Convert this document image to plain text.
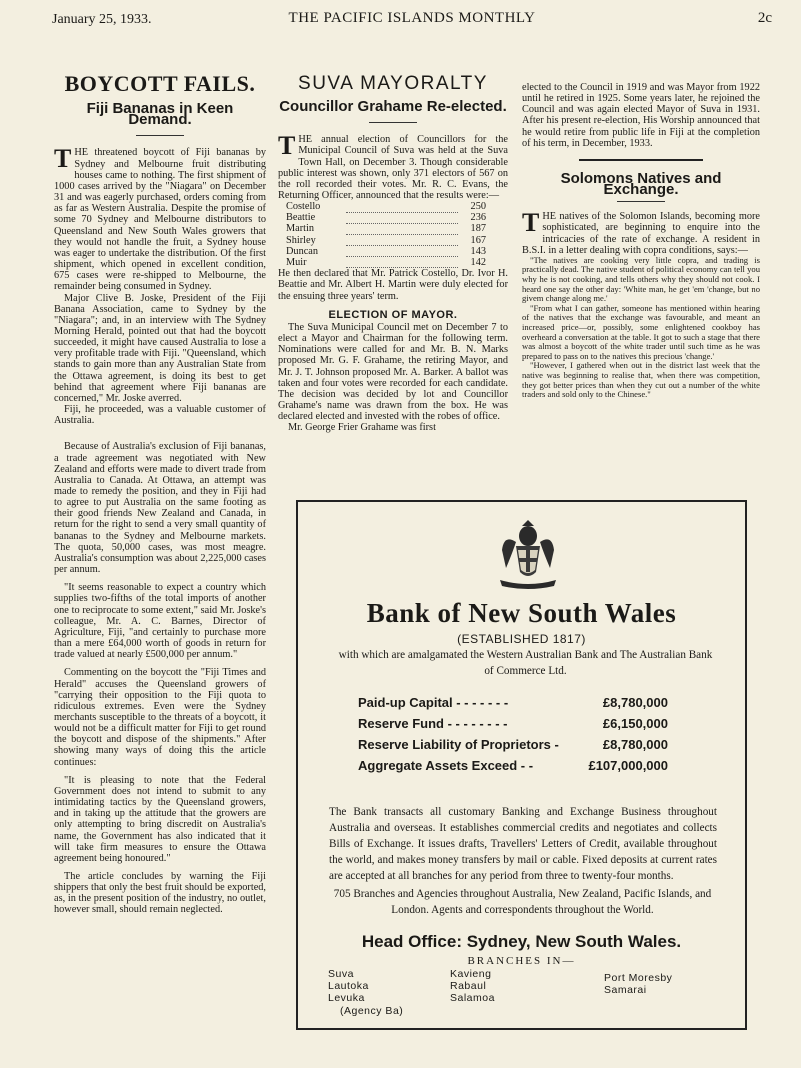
January 25, 1933.	THE PACIFIC ISLANDS MONTHLY	2c
BOYCOTT FAILS.
Fiji Bananas in Keen Demand.

THE threatened boycott of Fiji bananas by Sydney and Melbourne fruit distributing houses came to nothing. The first shipment of 1000 cases arrived by the "Niagara" on December 31 and was eagerly purchased, orders coming from as far as Western Australia. Despite the promise of some 70 Sydney and Melbourne distributors to Queensland and New South Wales growers that they would not handle the fruit, a Sydney house was eager to undertake the distribution. Of the first shipment, which opened in excellent condition, 675 cases were re-shipped to Melbourne, the remainder being consumed in Sydney.

Major Clive B. Joske, President of the Fiji Banana Association, came to Sydney by the "Niagara"; and, in an interview with The Sydney Morning Herald, pointed out that had the boycott succeeded, it might have caused Australia to lose a very profitable trade with Fiji. "Queensland, which stands to gain more than any Australian State from the Ottawa agreement, is doing its best to get behind that agreement where Fiji bananas are concerned," Mr. Joske averred.

Fiji, he proceeded, was a valuable customer of Australia.

Because of Australia's exclusion of Fiji bananas, a trade agreement was negotiated with New Zealand and efforts were made to divert trade from Australia to Canada. At Ottawa, an attempt was made to remedy the position, and they in Fiji had to agree to put Australia on the same footing as their good friends New Zealand and Canada, in return for the right to send a very small quantity of bananas to the Sydney and Melbourne markets. The quota, 50,000 cases, was most meagre. Australia's consumption was about 2,225,000 cases per annum.

"It seems reasonable to expect a country which supplies two-fifths of the total imports of another one to reciprocate to some extent," said Mr. Joske's colleague, Mr. A. C. Barnes, Director of Agriculture, Fiji, "and certainly to purchase more than a mere £64,000 worth of goods in return for trade valued at nearly £500,000 per annum."

Commenting on the boycott the "Fiji Times and Herald" accuses the Queensland growers of "carrying their opposition to the Fiji quota to ridiculous extremes. Even were the Sydney merchants susceptible to the threats of a boycott, it would not be a difficult matter for Fiji to get round the boycott and dispose of the shipments." After showing many ways of doing this the article continues:

"It is pleasing to note that the Federal Government does not intend to submit to any intimidating tactics by the Queensland growers, and in taking up the attitude that the growers are only attempting to bring discredit on Australia's name, the Government has also indicated that it will take firm measures to ensure the Ottawa agreement being honoured."

The article concludes by warning the Fiji shippers that only the best fruit should be exported, as, in the present position of the industry, no outlet, however small, should remain neglected.

SUVA MAYORALTY
Councillor Grahame Re-elected.

THE annual election of Councillors for the Municipal Council of Suva was held at the Suva Town Hall, on December 3. Though considerable public interest was shown, only 371 electors of 567 on the roll recorded their votes. Mr. R. C. Evans, the Returning Officer, announced that the results were:—

Costello		250
Beattie		236
Martin		187
Shirley		167
Duncan		143
Muir		142

He then declared that Mr. Patrick Costello, Dr. Ivor H. Beattie and Mr. Albert H. Martin were duly elected for the ensuing three years' term.

ELECTION OF MAYOR.

The Suva Municipal Council met on December 7 to elect a Mayor and Chairman for the following term. Nominations were called for and Mr. B. N. Marks proposed Mr. G. F. Grahame, the retiring Mayor, and Mr. J. T. Johnson proposed Mr. A. Barker. A ballot was taken and four votes were recorded for each candidate. The decision was decided by lot and Councillor Grahame's name was drawn from the box. He was declared elected and invested with the robes of office.

Mr. George Frier Grahame was first

elected to the Council in 1919 and was Mayor from 1922 until he retired in 1925. Some years later, he rejoined the Council and was again elected Mayor of Suva in 1931. After his present re-election, His Worship announced that he would retire from public life in Fiji at the completion of his term, in December, 1933.

Solomons Natives and Exchange.

THE natives of the Solomon Islands, becoming more sophisticated, are beginning to enquire into the intricacies of the rate of exchange. A resident in B.S.I. in a letter dealing with copra conditions, says:—

"The natives are cooking very little copra, and trading is practically dead. The native student of political economy can tell you why he is not cooking, and tells others why they should not cook. I heard one say the other day: 'White man, he get 'em 'change, but no givem change along me.'

"From what I can gather, someone has mentioned within hearing of the natives that the exchange was favourable, and meant an increased price—or, possibly, some enlightened cookboy has overheard a conversation at the table. It got to such a stage that there was almost a boycott of the white trader until such time as he was prepared to pass on to the natives this precious 'change.'

"However, I gathered when out in the district last week that the native was beginning to realise that, when there was competition, they got better prices than when they cut out a number of the white traders and sold only to the Chinese."

Bank of New South Wales
(ESTABLISHED 1817)
with which are amalgamated the Western Australian Bank and The Australian Bank of Commerce Ltd.
Paid-up Capital - - - - - - -	£8,780,000
Reserve Fund - - - - - - - -	£6,150,000
Reserve Liability of Proprietors -	£8,780,000
Aggregate Assets Exceed - -	£107,000,000
The Bank transacts all customary Banking and Exchange Business throughout Australia and overseas. It establishes commercial credits and negotiates and collects Bills of Exchange. It issues drafts, Travellers' Letters of Credit, available throughout the world, and makes money transfers by mail or cable. Fixed deposits at current rates are accepted at all branches for any period from three to twenty-four months.
705 Branches and Agencies throughout Australia, New Zealand, Pacific Islands, and London. Agents and correspondents throughout the World.
Head Office: Sydney, New South Wales.
BRANCHES IN—
Suva
Lautoka
Levuka
(Agency Ba)
Kavieng
Rabaul
Salamoa
Port Moresby
Samarai
